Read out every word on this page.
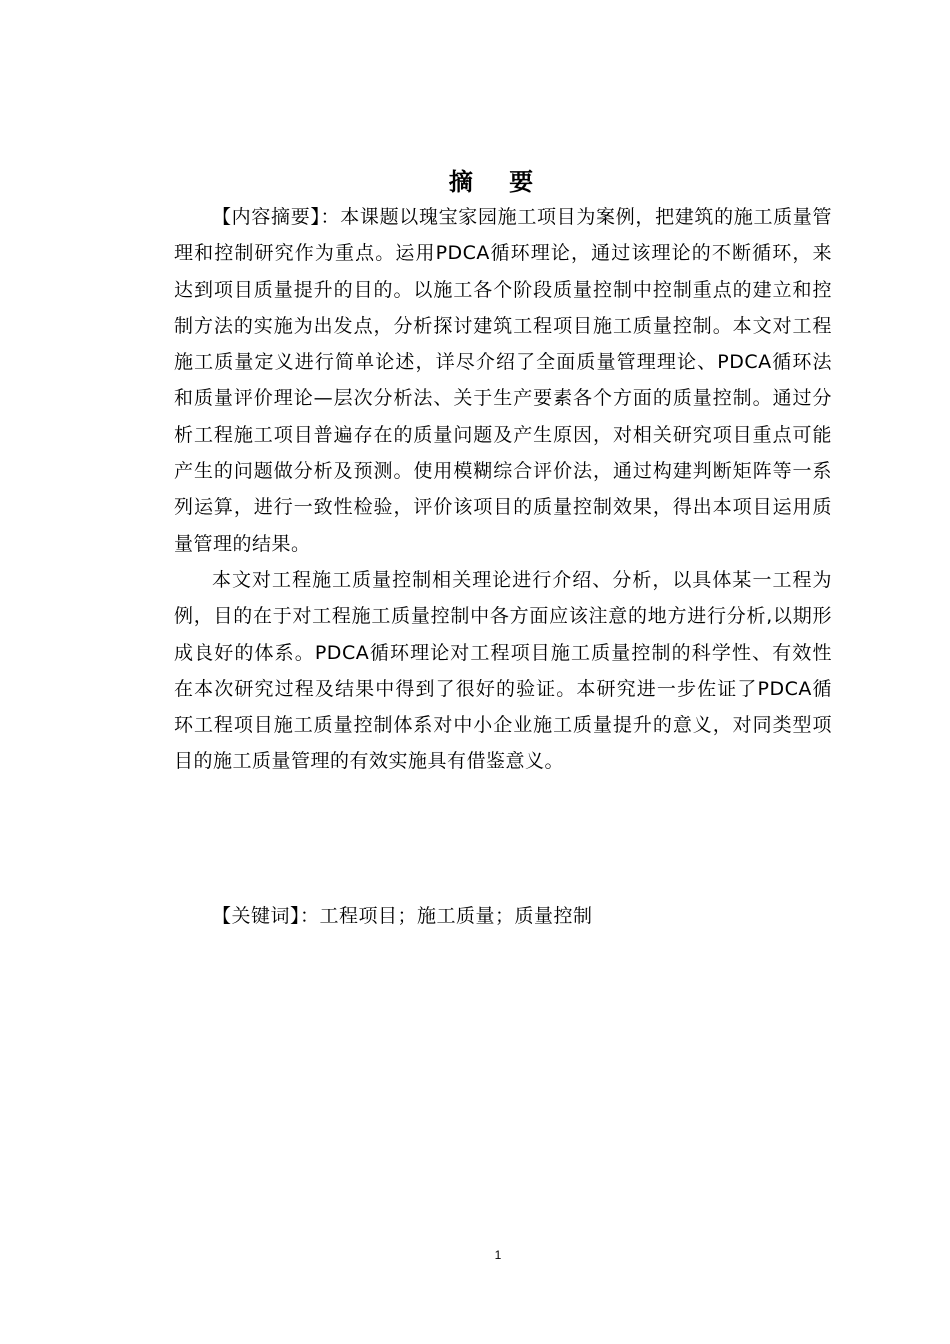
摘 要

【内容摘要】：本课题以瑰宝家园施工项目为案例，把建筑的施工质量管理和控制研究作为重点。运用PDCA循环理论，通过该理论的不断循环，来达到项目质量提升的目的。以施工各个阶段质量控制中控制重点的建立和控制方法的实施为出发点，分析探讨建筑工程项目施工质量控制。本文对工程施工质量定义进行简单论述，详尽介绍了全面质量管理理论、PDCA循环法和质量评价理论—层次分析法、关于生产要素各个方面的质量控制。通过分析工程施工项目普遍存在的质量问题及产生原因，对相关研究项目重点可能产生的问题做分析及预测。使用模糊综合评价法，通过构建判断矩阵等一系列运算，进行一致性检验，评价该项目的质量控制效果，得出本项目运用质量管理的结果。

本文对工程施工质量控制相关理论进行介绍、分析，以具体某一工程为例，目的在于对工程施工质量控制中各方面应该注意的地方进行分析,以期形成良好的体系。PDCA循环理论对工程项目施工质量控制的科学性、有效性在本次研究过程及结果中得到了很好的验证。本研究进一步佐证了PDCA循环工程项目施工质量控制体系对中小企业施工质量提升的意义，对同类型项目的施工质量管理的有效实施具有借鉴意义。

【关键词】：工程项目；施工质量；质量控制
1
